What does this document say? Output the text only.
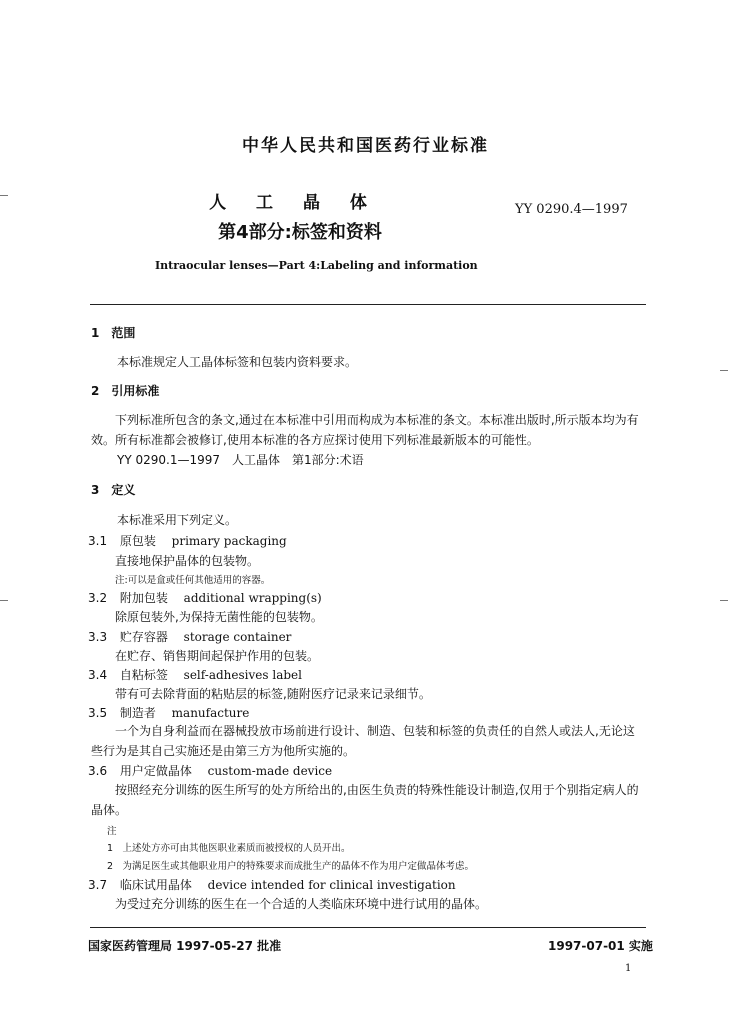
中华人民共和国医药行业标准
人 工 晶 体
第4部分:标签和资料
YY 0290.4—1997
Intraocular lenses—Part 4:Labeling and information
1　范围
本标准规定人工晶体标签和包装内资料要求。
2　引用标准
下列标准所包含的条文,通过在本标准中引用而构成为本标准的条文。本标准出版时,所示版本均为有效。所有标准都会被修订,使用本标准的各方应探讨使用下列标准最新版本的可能性。
YY 0290.1—1997　人工晶体　第1部分:术语
3　定义
本标准采用下列定义。
3.1 原包装 primary packaging
直接地保护晶体的包装物。
注:可以是盒或任何其他适用的容器。
3.2 附加包装 additional wrapping(s)
除原包装外,为保持无菌性能的包装物。
3.3 贮存容器 storage container
在贮存、销售期间起保护作用的包装。
3.4 自粘标签 self-adhesives label
带有可去除背面的粘贴层的标签,随附医疗记录来记录细节。
3.5 制造者 manufacture
一个为自身利益而在器械投放市场前进行设计、制造、包装和标签的负责任的自然人或法人,无论这些行为是其自己实施还是由第三方为他所实施的。
3.6 用户定做晶体 custom-made device
按照经充分训练的医生所写的处方所给出的,由医生负责的特殊性能设计制造,仅用于个别指定病人的晶体。
注
1　上述处方亦可由其他医职业素质而被授权的人员开出。
2　为满足医生或其他职业用户的特殊要求而成批生产的晶体不作为用户定做晶体考虑。
3.7 临床试用晶体 device intended for clinical investigation
为受过充分训练的医生在一个合适的人类临床环境中进行试用的晶体。
国家医药管理局 1997-05-27 批准	1997-07-01 实施
1
